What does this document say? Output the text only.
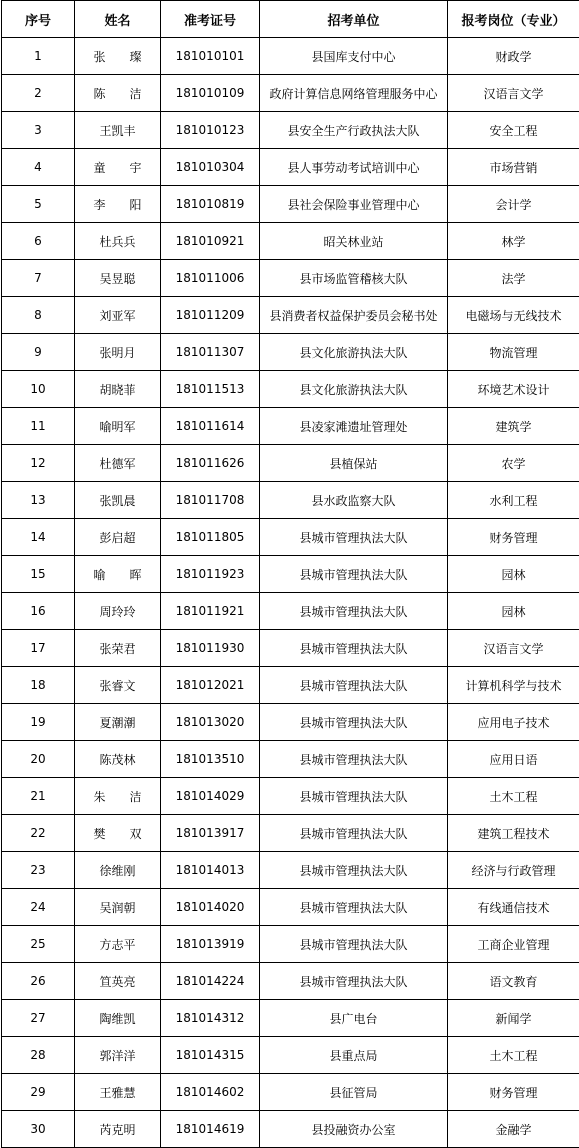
序号	姓名	准考证号	招考单位	报考岗位（专业）
1	张　　璨	181010101	县国库支付中心	财政学
2	陈　　洁	181010109	政府计算信息网络管理服务中心	汉语言文学
3	王凯丰	181010123	县安全生产行政执法大队	安全工程
4	童　　宇	181010304	县人事劳动考试培训中心	市场营销
5	李　　阳	181010819	县社会保险事业管理中心	会计学
6	杜兵兵	181010921	昭关林业站	林学
7	吴昱聪	181011006	县市场监管稽核大队	法学
8	刘亚军	181011209	县消费者权益保护委员会秘书处	电磁场与无线技术
9	张明月	181011307	县文化旅游执法大队	物流管理
10	胡晓菲	181011513	县文化旅游执法大队	环境艺术设计
11	喻明军	181011614	县凌家滩遗址管理处	建筑学
12	杜德军	181011626	县植保站	农学
13	张凯晨	181011708	县水政监察大队	水利工程
14	彭启超	181011805	县城市管理执法大队	财务管理
15	喻　　晖	181011923	县城市管理执法大队	园林
16	周玲玲	181011921	县城市管理执法大队	园林
17	张荣君	181011930	县城市管理执法大队	汉语言文学
18	张睿文	181012021	县城市管理执法大队	计算机科学与技术
19	夏潮潮	181013020	县城市管理执法大队	应用电子技术
20	陈茂林	181013510	县城市管理执法大队	应用日语
21	朱　　洁	181014029	县城市管理执法大队	土木工程
22	樊　　双	181013917	县城市管理执法大队	建筑工程技术
23	徐维刚	181014013	县城市管理执法大队	经济与行政管理
24	吴润朝	181014020	县城市管理执法大队	有线通信技术
25	方志平	181013919	县城市管理执法大队	工商企业管理
26	笪英亮	181014224	县城市管理执法大队	语文教育
27	陶维凯	181014312	县广电台	新闻学
28	郭洋洋	181014315	县重点局	土木工程
29	王雅慧	181014602	县征管局	财务管理
30	芮克明	181014619	县投融资办公室	金融学
